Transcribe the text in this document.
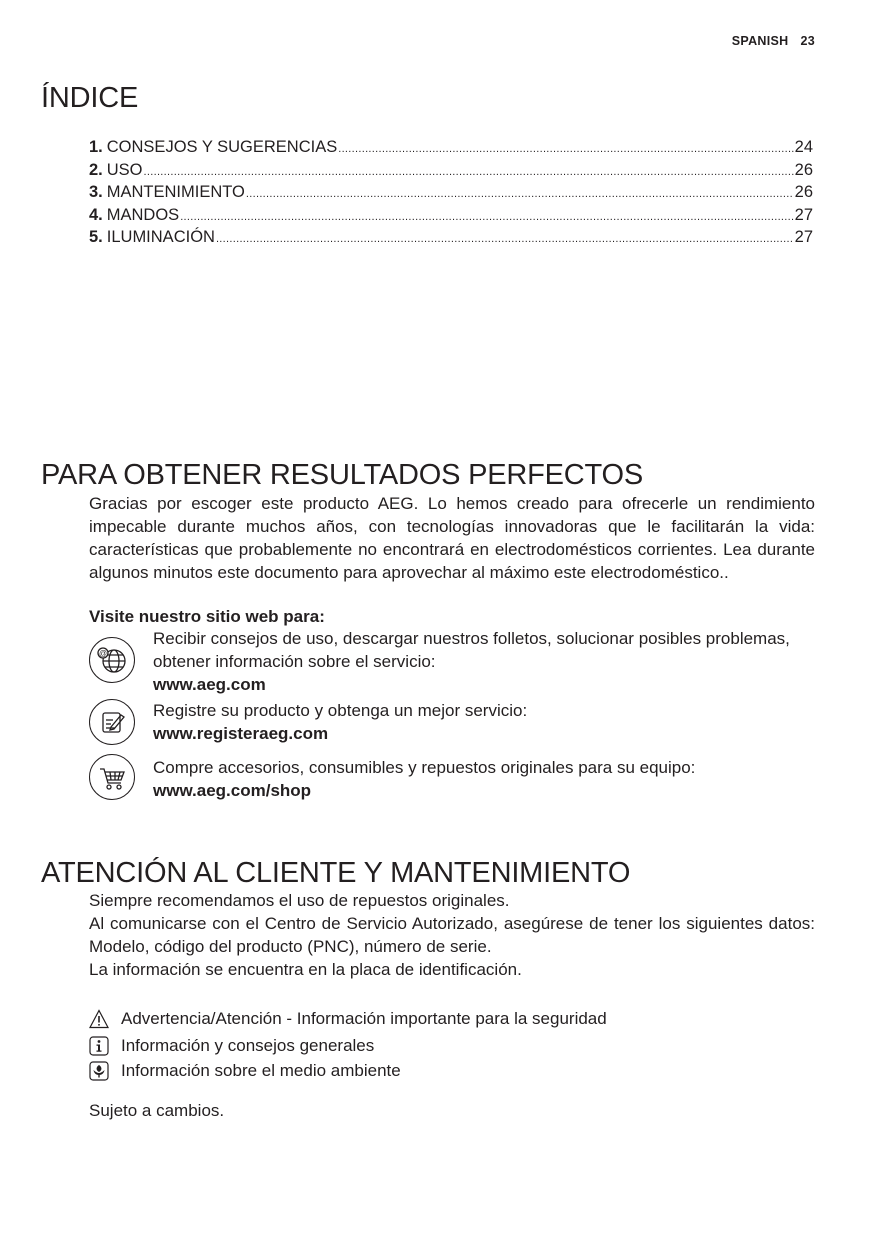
SPANISH 23
ÍNDICE
1. CONSEJOS Y SUGERENCIAS .....	24
2. USO .....	26
3. MANTENIMIENTO .....	26
4. MANDOS .....	27
5. ILUMINACIÓN .....	27
PARA OBTENER RESULTADOS PERFECTOS

Gracias por escoger este producto AEG. Lo hemos creado para ofrecerle un rendimiento impecable durante muchos años, con tecnologías innovadoras que le facilitarán la vida: características que probablemente no encontrará en electrodomésticos corrientes. Lea durante algunos minutos este documento para aprovechar al máximo este electrodoméstico..

Visite nuestro sitio web para:
@
Recibir consejos de uso, descargar nuestros folletos, solucionar posibles problemas, obtener información sobre el servicio:
www.aeg.com
Registre su producto y obtenga un mejor servicio:
www.registeraeg.com
Compre accesorios, consumibles y repuestos originales para su equipo:
www.aeg.com/shop
ATENCIÓN AL CLIENTE Y MANTENIMIENTO
Siempre recomendamos el uso de repuestos originales.
Al comunicarse con el Centro de Servicio Autorizado, asegúrese de tener los siguientes datos: Modelo, código del producto (PNC), número de serie.
La información se encuentra en la placa de identificación.
Advertencia/Atención - Información importante para la seguridad
Información y consejos generales
Información sobre el medio ambiente
Sujeto a cambios.
